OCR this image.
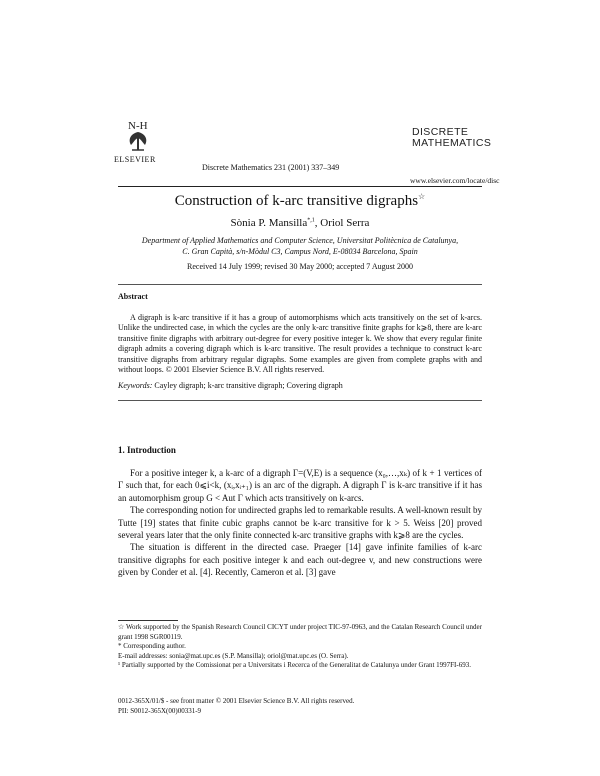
N-H
ELSEVIER
Discrete Mathematics 231 (2001) 337–349
DISCRETE
MATHEMATICS
www.elsevier.com/locate/disc
Construction of k-arc transitive digraphs☆
Sònia P. Mansilla$^{*,1}$, Oriol Serra
Department of Applied Mathematics and Computer Science, Universitat Politècnica de Catalunya,
C. Gran Capità, s/n-Mòdul C3, Campus Nord, E-08034 Barcelona, Spain
Received 14 July 1999; revised 30 May 2000; accepted 7 August 2000
Abstract
A digraph is k-arc transitive if it has a group of automorphisms which acts transitively on the set of k-arcs. Unlike the undirected case, in which the cycles are the only k-arc transitive finite graphs for k⩾8, there are k-arc transitive finite digraphs with arbitrary out-degree for every positive integer k. We show that every regular finite digraph admits a covering digraph which is k-arc transitive. The result provides a technique to construct k-arc transitive digraphs from arbitrary regular digraphs. Some examples are given from complete graphs with and without loops. © 2001 Elsevier Science B.V. All rights reserved.
Keywords: Cayley digraph; k-arc transitive digraph; Covering digraph
1. Introduction

For a positive integer k, a k-arc of a digraph Γ=(V,E) is a sequence (x₀,…,xₖ) of k + 1 vertices of Γ such that, for each 0⩽i<k, (xᵢ,xᵢ₊₁) is an arc of the digraph. A digraph Γ is k-arc transitive if it has an automorphism group G < Aut Γ which acts transitively on k-arcs.

The corresponding notion for undirected graphs led to remarkable results. A well-known result by Tutte [19] states that finite cubic graphs cannot be k-arc transitive for k > 5. Weiss [20] proved several years later that the only finite connected k-arc transitive graphs with k⩾8 are the cycles.

The situation is different in the directed case. Praeger [14] gave infinite families of k-arc transitive digraphs for each positive integer k and each out-degree v, and new constructions were given by Conder et al. [4]. Recently, Cameron et al. [3] gave

☆ Work supported by the Spanish Research Council CICYT under project TIC-97-0963, and the Catalan Research Council under grant 1998 SGR00119.

* Corresponding author.

E-mail addresses: sonia@mat.upc.es (S.P. Mansilla); oriol@mat.upc.es (O. Serra).

¹ Partially supported by the Comissionat per a Universitats i Recerca of the Generalitat de Catalunya under Grant 1997FI-693.

0012-365X/01/$ - see front matter © 2001 Elsevier Science B.V. All rights reserved.
PII: S0012-365X(00)00331-9
